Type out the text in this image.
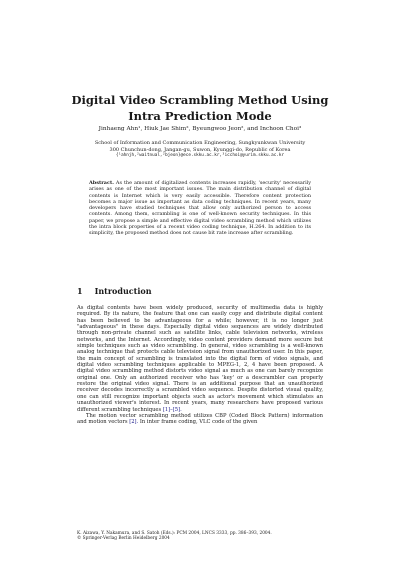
Digital Video Scrambling Method Using Intra Prediction Mode
Jinhaeng Ahn¹, Hiuk Jae Shim², Byeungwoo Jeon², and Inchoon Choi³
School of Information and Communication Engineering, Sungkyunkwan University
300 Chunchun-dong, Jangan-gu, Suwon, Kyunggi-do, Republic of Korea
{¹ahnjh,²waitnual,²bjeon}@ece.skku.ac.kr,³icchoi@yurim.skku.ac.kr
Abstract. As the amount of digitalized contents increases rapidly, 'security' necessarily arises as one of the most important issues. The main distribution channel of digital contents is Internet which is very easily accessible. Therefore content protection becomes a major issue as important as data coding techniques. In recent years, many developers have studied techniques that allow only authorized person to access contents. Among them, scrambling is one of well-known security techniques. In this paper, we propose a simple and effective digital video scrambling method which utilizes the intra block properties of a recent video coding technique, H.264. In addition to its simplicity, the proposed method does not cause bit rate increase after scrambling.
1 Introduction

As digital contents have been widely produced, security of multimedia data is highly required. By its nature, the feature that one can easily copy and distribute digital content has been believed to be advantageous for a while; however, it is no longer just "advantageous" in these days. Especially digital video sequences are widely distributed through non-private channel such as satellite links, cable television networks, wireless networks, and the Internet. Accordingly, video content providers demand more secure but simple techniques such as video scrambling. In general, video scrambling is a well-known analog technique that protects cable television signal from unauthorized user. In this paper, the main concept of scrambling is translated into the digital form of video signals, and digital video scrambling techniques applicable to MPEG-1, 2, 4 have been proposed. A digital video scrambling method distorts video signal as much as one can barely recognize original one. Only an authorized receiver who has 'key' or a descrambler can properly restore the original video signal. There is an additional purpose that an unauthorized receiver decodes incorrectly a scrambled video sequence. Despite distorted visual quality, one can still recognize important objects such as actor's movement which stimulates an unauthorized viewer's interest. In recent years, many researchers have proposed various different scrambling techniques [1]–[5].

The motion vector scrambling method utilizes CBP (Coded Block Pattern) information and motion vectors [2]. In inter frame coding, VLC code of the given

K. Aizawa, Y. Nakamura, and S. Satoh (Eds.): PCM 2004, LNCS 3333, pp. 386–393, 2004.
© Springer-Verlag Berlin Heidelberg 2004
